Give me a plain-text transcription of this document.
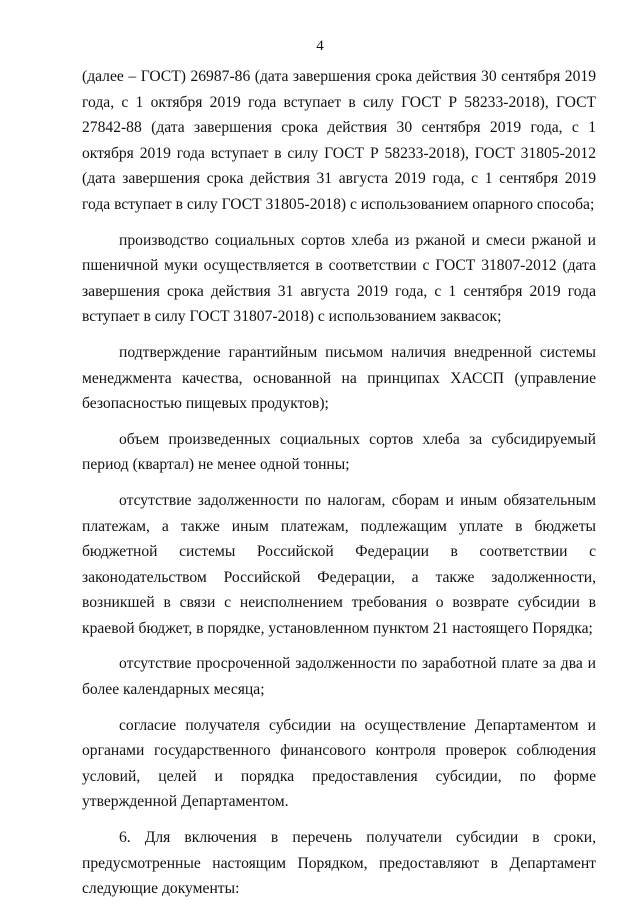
4

(далее – ГОСТ) 26987-86 (дата завершения срока действия 30 сентября 2019 года, с 1 октября 2019 года вступает в силу ГОСТ Р 58233-2018), ГОСТ 27842-88 (дата завершения срока действия 30 сентября 2019 года, с 1 октября 2019 года вступает в силу ГОСТ Р 58233-2018), ГОСТ 31805-2012 (дата завершения срока действия 31 августа 2019 года, с 1 сентября 2019 года вступает в силу ГОСТ 31805-2018) с использованием опарного способа;

производство социальных сортов хлеба из ржаной и смеси ржаной и пшеничной муки осуществляется в соответствии с ГОСТ 31807-2012 (дата завершения срока действия 31 августа 2019 года, с 1 сентября 2019 года вступает в силу ГОСТ 31807-2018) с использованием заквасок;

подтверждение гарантийным письмом наличия внедренной системы менеджмента качества, основанной на принципах ХАССП (управление безопасностью пищевых продуктов);

объем произведенных социальных сортов хлеба за субсидируемый период (квартал) не менее одной тонны;

отсутствие задолженности по налогам, сборам и иным обязательным платежам, а также иным платежам, подлежащим уплате в бюджеты бюджетной системы Российской Федерации в соответствии с законодательством Российской Федерации, а также задолженности, возникшей в связи с неисполнением требования о возврате субсидии в краевой бюджет, в порядке, установленном пунктом 21 настоящего Порядка;

отсутствие просроченной задолженности по заработной плате за два и более календарных месяца;

согласие получателя субсидии на осуществление Департаментом и органами государственного финансового контроля проверок соблюдения условий, целей и порядка предоставления субсидии, по форме утвержденной Департаментом.

6. Для включения в перечень получатели субсидии в сроки, предусмотренные настоящим Порядком, предоставляют в Департамент следующие документы:
